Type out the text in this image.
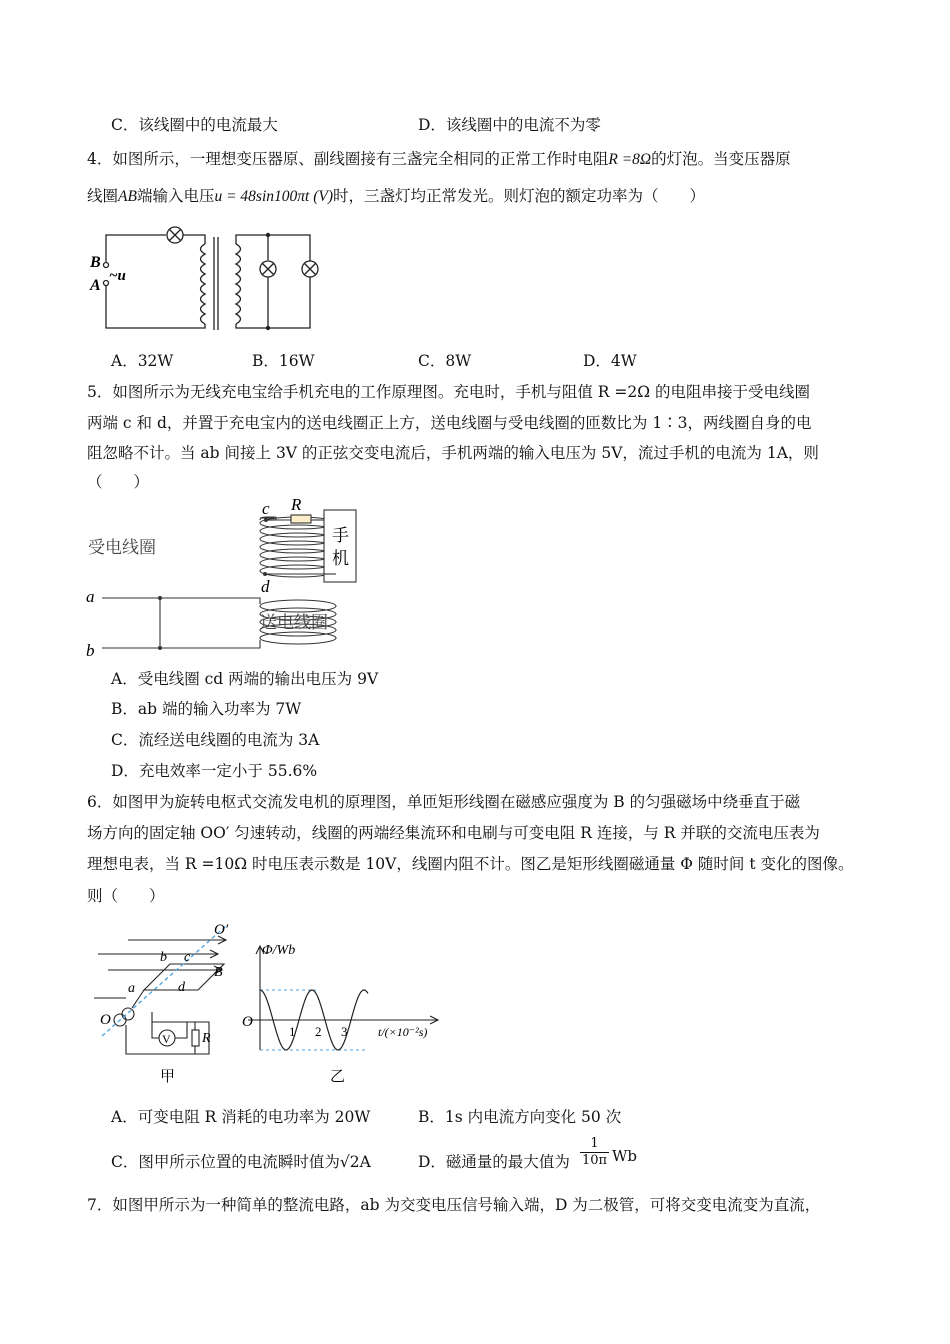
C．该线圈中的电流最大	D．该线圈中的电流不为零
4．如图所示，一理想变压器原、副线圈接有三盏完全相同的正常工作时电阻R =8Ω的灯泡。当变压器原
线圈AB端输入电压u = 48sin100πt (V)时，三盏灯均正常发光。则灯泡的额定功率为（　　）
B
A
~u
A．32W	B．16W	C．8W	D．4W
5．如图所示为无线充电宝给手机充电的工作原理图。充电时，手机与阻值 R =2Ω 的电阻串接于受电线圈
两端 c 和 d，并置于充电宝内的送电线圈正上方，送电线圈与受电线圈的匝数比为 1∶3，两线圈自身的电
阻忽略不计。当 ab 间接上 3V 的正弦交变电流后，手机两端的输入电压为 5V，流过手机的电流为 1A，则
（　　）
受电线圈
送电线圈
手
机
c R
d
a
b
A．受电线圈 cd 两端的输出电压为 9V
B．ab 端的输入功率为 7W
C．流经送电线圈的电流为 3A
D．充电效率一定小于 55.6%
6．如图甲为旋转电枢式交流发电机的原理图，单匝矩形线圈在磁感应强度为 B 的匀强磁场中绕垂直于磁
场方向的固定轴 OO′ 匀速转动，线圈的两端经集流环和电刷与可变电阻 R 连接，与 R 并联的交流电压表为
理想电表，当 R =10Ω 时电压表示数是 10V，线圈内阻不计。图乙是矩形线圈磁通量 Φ 随时间 t 变化的图像。
则（　　）
O′
O
b c
a	d
B
V R
甲
Φ/Wb
O
1 2 3	t/(×10⁻²s)
乙
A．可变电阻 R 消耗的电功率为 20W	B．1s 内电流方向变化 50 次
C．图甲所示位置的电流瞬时值为√2A	D．磁通量的最大值为 $\frac{1}{10\pi}$ Wb
7．如图甲所示为一种简单的整流电路，ab 为交变电压信号输入端，D 为二极管，可将交变电流变为直流，
